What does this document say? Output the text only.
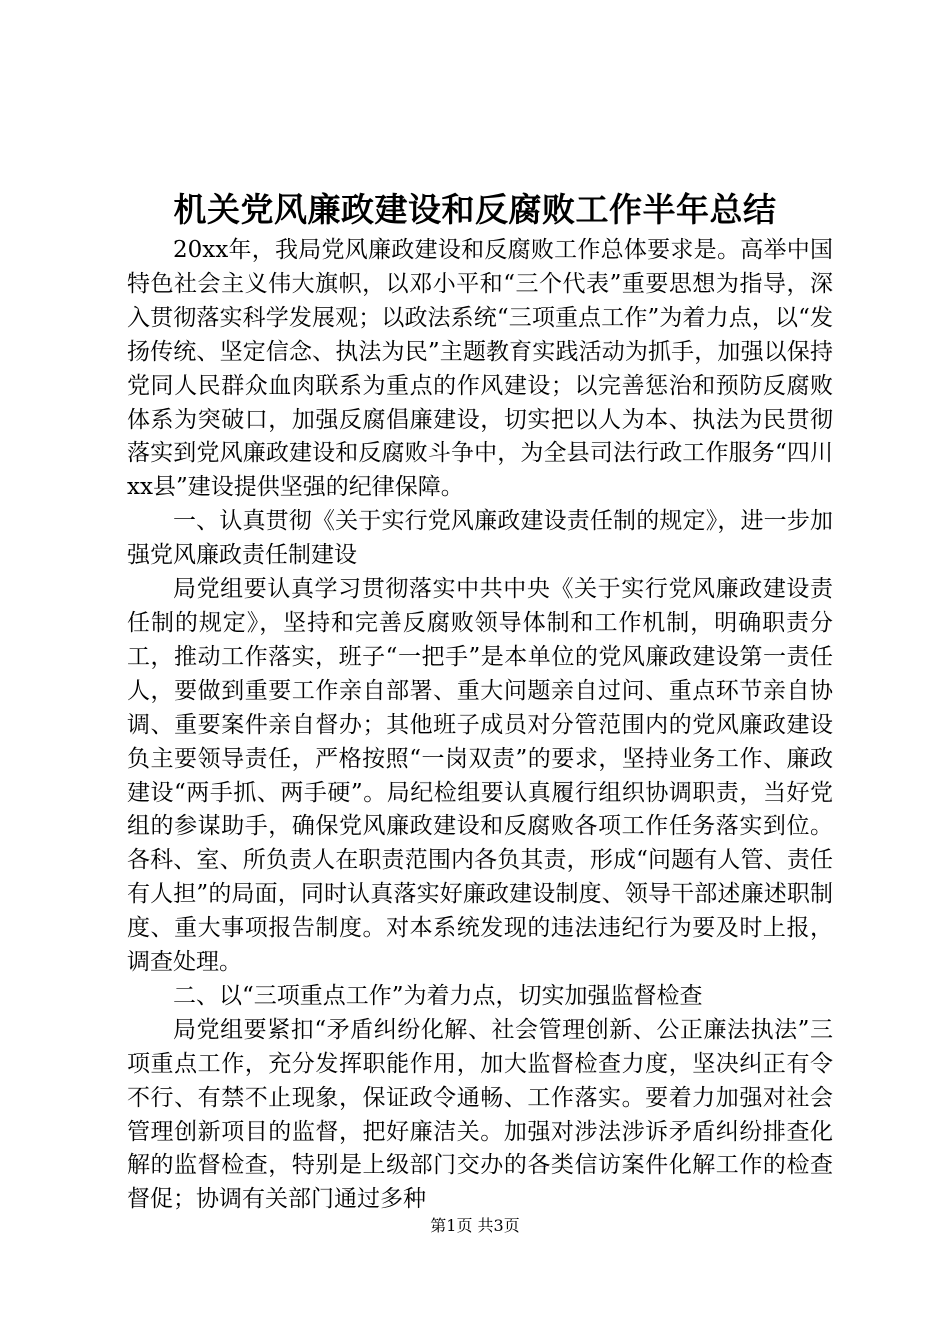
机关党风廉政建设和反腐败工作半年总结

20xx年，我局党风廉政建设和反腐败工作总体要求是。高举中国特色社会主义伟大旗帜，以邓小平和“三个代表”重要思想为指导，深入贯彻落实科学发展观；以政法系统“三项重点工作”为着力点，以“发扬传统、坚定信念、执法为民”主题教育实践活动为抓手，加强以保持党同人民群众血肉联系为重点的作风建设；以完善惩治和预防反腐败体系为突破口，加强反腐倡廉建设，切实把以人为本、执法为民贯彻落实到党风廉政建设和反腐败斗争中，为全县司法行政工作服务“四川xx县”建设提供坚强的纪律保障。

一、认真贯彻《关于实行党风廉政建设责任制的规定》，进一步加强党风廉政责任制建设

局党组要认真学习贯彻落实中共中央《关于实行党风廉政建设责任制的规定》，坚持和完善反腐败领导体制和工作机制，明确职责分工，推动工作落实，班子“一把手”是本单位的党风廉政建设第一责任人，要做到重要工作亲自部署、重大问题亲自过问、重点环节亲自协调、重要案件亲自督办；其他班子成员对分管范围内的党风廉政建设负主要领导责任，严格按照“一岗双责”的要求，坚持业务工作、廉政建设“两手抓、两手硬”。局纪检组要认真履行组织协调职责，当好党组的参谋助手，确保党风廉政建设和反腐败各项工作任务落实到位。各科、室、所负责人在职责范围内各负其责，形成“问题有人管、责任有人担”的局面，同时认真落实好廉政建设制度、领导干部述廉述职制度、重大事项报告制度。对本系统发现的违法违纪行为要及时上报，调查处理。

二、以“三项重点工作”为着力点，切实加强监督检查

局党组要紧扣“矛盾纠纷化解、社会管理创新、公正廉法执法”三项重点工作，充分发挥职能作用，加大监督检查力度，坚决纠正有令不行、有禁不止现象，保证政令通畅、工作落实。要着力加强对社会管理创新项目的监督，把好廉洁关。加强对涉法涉诉矛盾纠纷排查化解的监督检查，特别是上级部门交办的各类信访案件化解工作的检查督促；协调有关部门通过多种

第1页 共3页
